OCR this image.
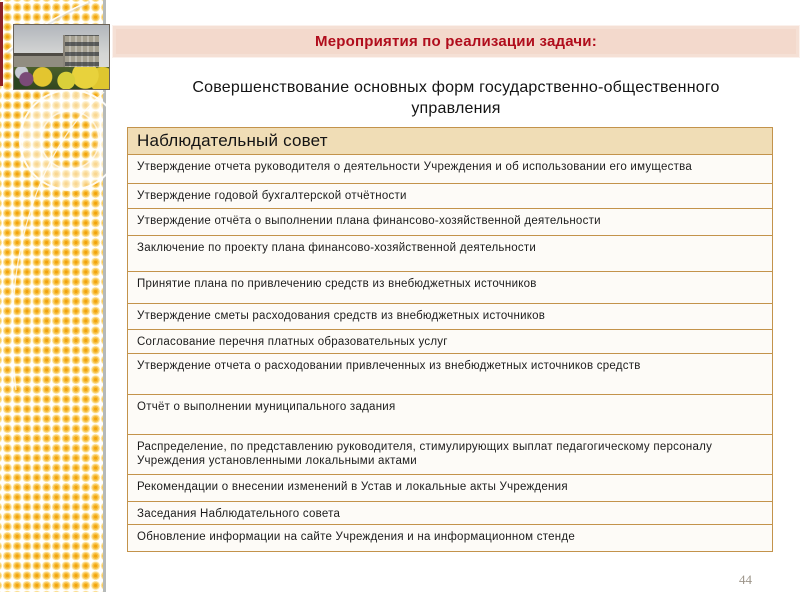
Мероприятия по реализации задачи:
Совершенствование основных форм государственно-общественного управления
Наблюдательный совет
Утверждение отчета руководителя о деятельности Учреждения и об использовании его имущества
Утверждение годовой бухгалтерской отчётности
Утверждение отчёта о выполнении плана финансово-хозяйственной деятельности
Заключение по проекту плана финансово-хозяйственной деятельности
Принятие плана по привлечению средств из внебюджетных источников
Утверждение сметы расходования средств из внебюджетных источников
Согласование перечня платных образовательных услуг
Утверждение отчета о расходовании привлеченных из внебюджетных источников средств
Отчёт о выполнении муниципального задания
Распределение, по представлению руководителя, стимулирующих выплат педагогическому персоналу Учреждения установленными локальными актами
Рекомендации о внесении изменений в Устав и локальные акты Учреждения
Заседания Наблюдательного совета
Обновление информации на сайте Учреждения и на информационном стенде
44
